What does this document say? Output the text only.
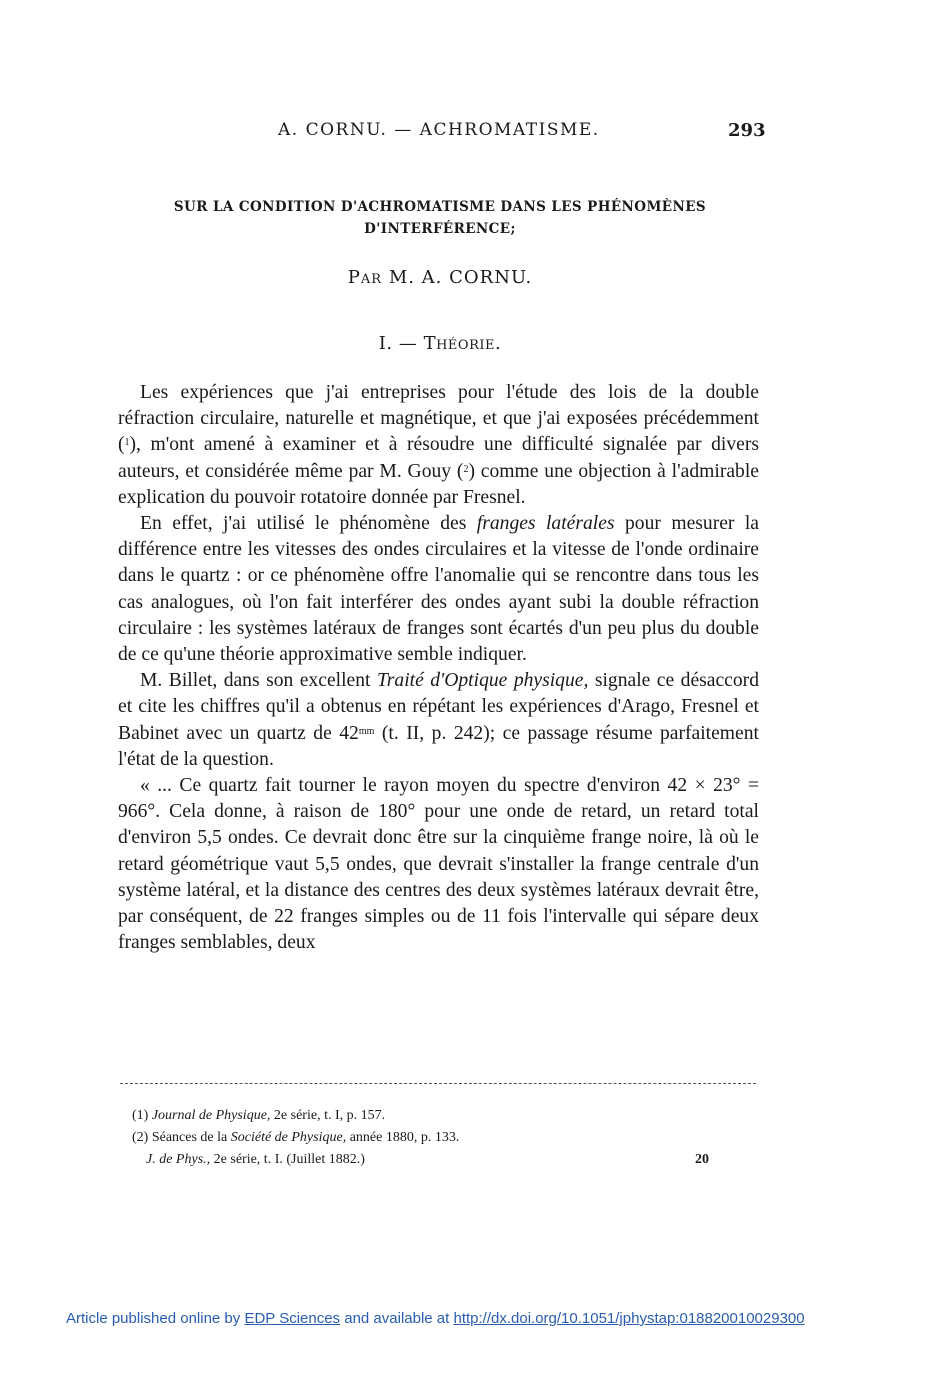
A. CORNU. — ACHROMATISME.	293
SUR LA CONDITION D'ACHROMATISME DANS LES PHÉNOMÈNES
D'INTERFÉRENCE;
Par M. A. CORNU.
I. — Théorie.

Les expériences que j'ai entreprises pour l'étude des lois de la double réfraction circulaire, naturelle et magnétique, et que j'ai exposées précédemment ($^1$), m'ont amené à examiner et à résoudre une difficulté signalée par divers auteurs, et considérée même par M. Gouy ($^2$) comme une objection à l'admirable explication du pouvoir rotatoire donnée par Fresnel.

En effet, j'ai utilisé le phénomène des franges latérales pour mesurer la différence entre les vitesses des ondes circulaires et la vitesse de l'onde ordinaire dans le quartz : or ce phénomène offre l'anomalie qui se rencontre dans tous les cas analogues, où l'on fait interférer des ondes ayant subi la double réfraction circulaire : les systèmes latéraux de franges sont écartés d'un peu plus du double de ce qu'une théorie approximative semble indiquer.

M. Billet, dans son excellent Traité d'Optique physique, signale ce désaccord et cite les chiffres qu'il a obtenus en répétant les expériences d'Arago, Fresnel et Babinet avec un quartz de $42^{mm}$ (t. II, p. 242); ce passage résume parfaitement l'état de la question.

« ... Ce quartz fait tourner le rayon moyen du spectre d'environ 42 × 23° = 966°. Cela donne, à raison de 180° pour une onde de retard, un retard total d'environ 5,5 ondes. Ce devrait donc être sur la cinquième frange noire, là où le retard géométrique vaut 5,5 ondes, que devrait s'installer la frange centrale d'un système latéral, et la distance des centres des deux systèmes latéraux devrait être, par conséquent, de 22 franges simples ou de 11 fois l'intervalle qui sépare deux franges semblables, deux

(1) Journal de Physique, 2e série, t. I, p. 157.

(2) Séances de la Société de Physique, année 1880, p. 133.

J. de Phys., 2e série, t. I. (Juillet 1882.)	20

Article published online by EDP Sciences and available at http://dx.doi.org/10.1051/jphystap:018820010029300
